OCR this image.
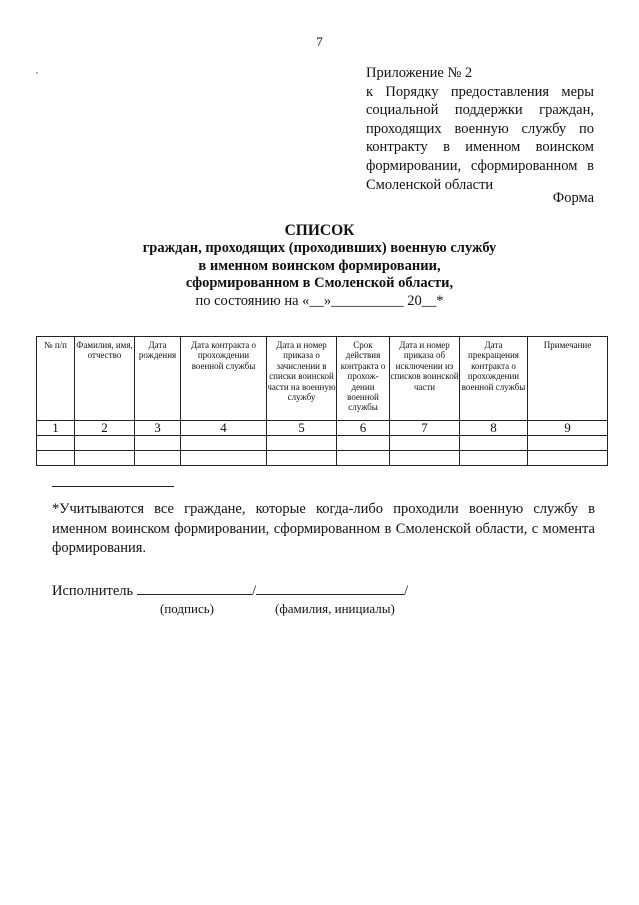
7
Приложение № 2
к Порядку предоставления меры социальной поддержки граждан, проходящих военную службу по контракту в именном воинском формировании, сформированном в Смоленской области
Форма
СПИСОК
граждан, проходящих (проходивших) военную службу
в именном воинском формировании,
сформированном в Смоленской области,
по состоянию на «__»__________ 20__*
№ п/п	Фамилия, имя, отчество	Дата рождения	Дата контракта о прохождении военной службы	Дата и номер приказа о зачислении в списки воинской части на военную службу	Срок действия контракта о прохож-дении военной службы	Дата и номер приказа об исключении из списков воинской части	Дата прекращения контракта о прохождении военной службы	Примечание
1	2	3	4	5	6	7	8	9

*Учитываются все граждане, которые когда-либо проходили военную службу в именном воинском формировании, сформированном в Смоленской области, с момента формирования.
Исполнитель	/	/
(подпись)	(фамилия, инициалы)
